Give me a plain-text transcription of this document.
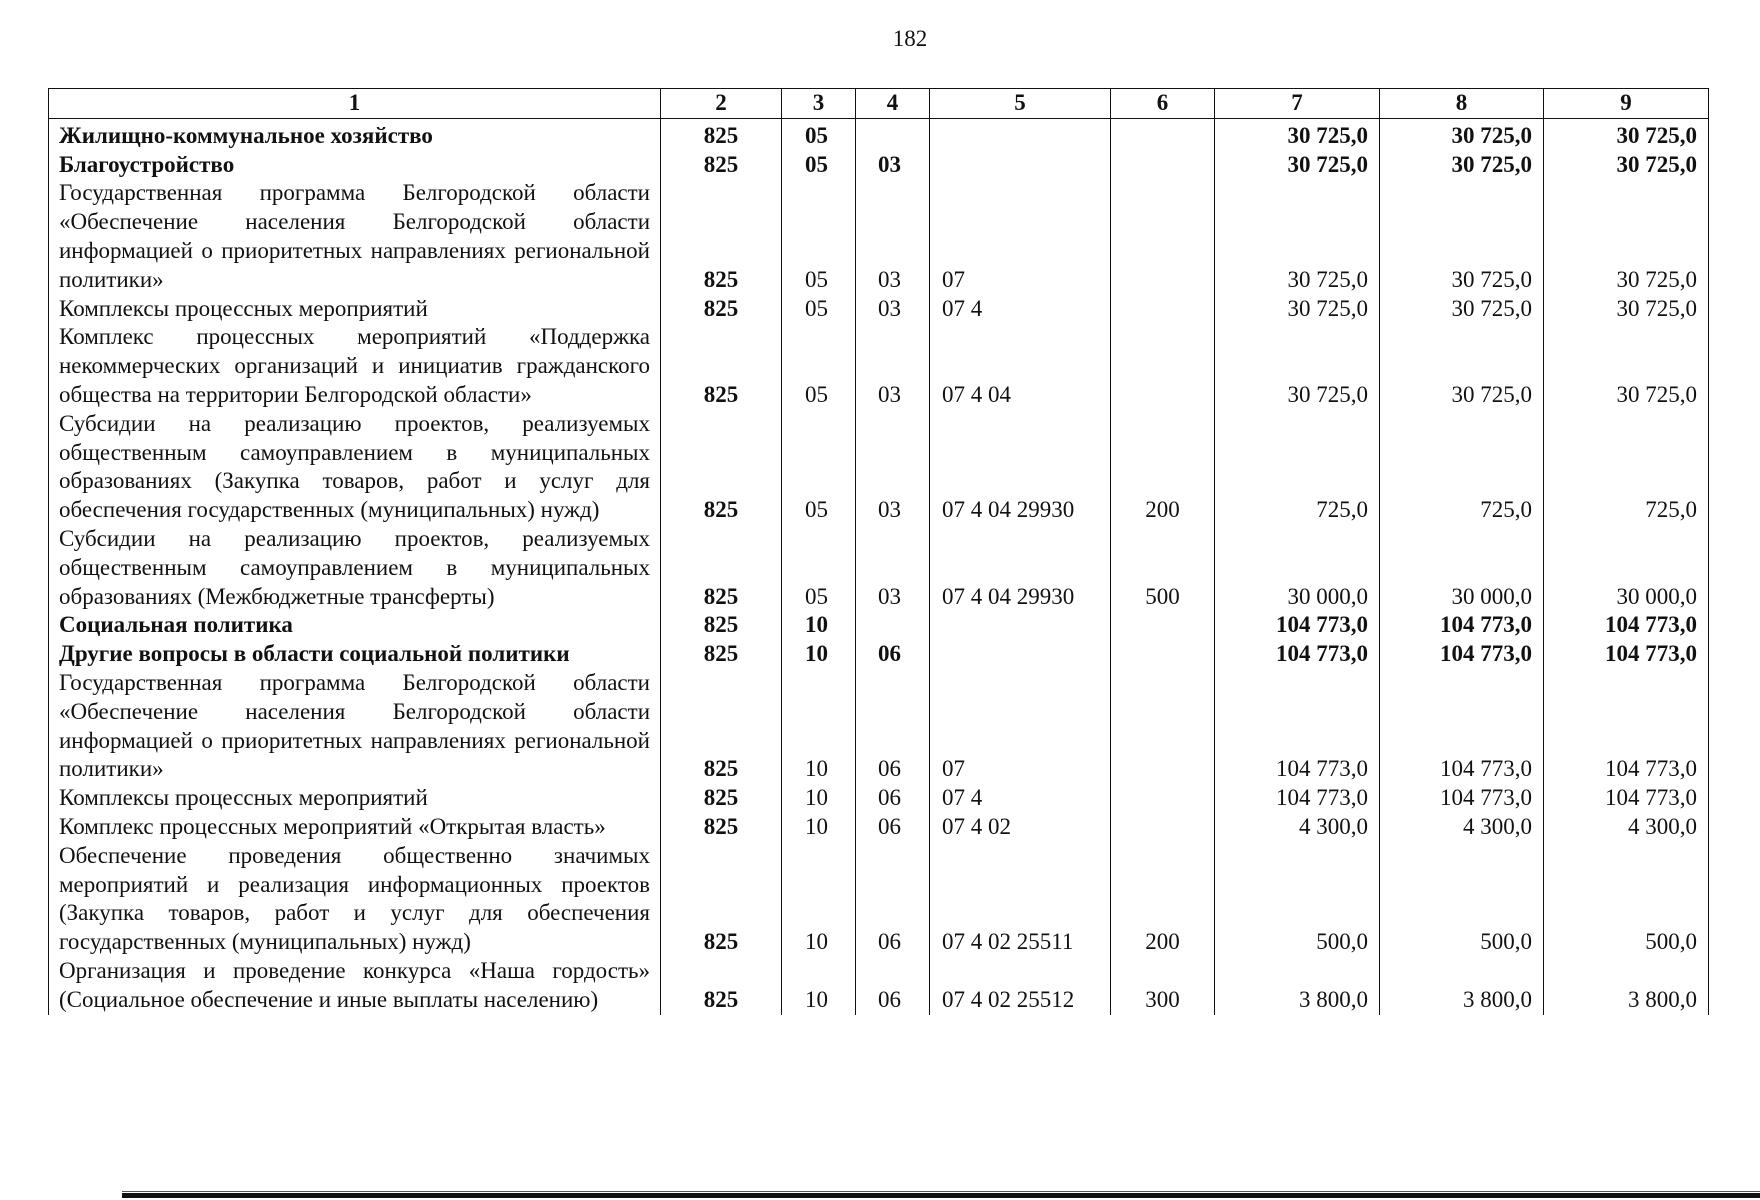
182
1	2	3	4	5	6	7	8	9
Жилищно-коммунальное хозяйство	825	05				30 725,0	30 725,0	30 725,0
Благоустройство	825	05	03			30 725,0	30 725,0	30 725,0
Государственная программа Белгородской области «Обеспечение населения Белгородской области информацией о приоритетных направлениях региональной политики»	825	05	03	07		30 725,0	30 725,0	30 725,0
Комплексы процессных мероприятий	825	05	03	07 4		30 725,0	30 725,0	30 725,0
Комплекс процессных мероприятий «Поддержка некоммерческих организаций и инициатив гражданского общества на территории Белгородской области»	825	05	03	07 4 04		30 725,0	30 725,0	30 725,0
Субсидии на реализацию проектов, реализуемых общественным самоуправлением в муниципальных образованиях (Закупка товаров, работ и услуг для обеспечения государственных (муниципальных) нужд)	825	05	03	07 4 04 29930	200	725,0	725,0	725,0
Субсидии на реализацию проектов, реализуемых общественным самоуправлением в муниципальных образованиях (Межбюджетные трансферты)	825	05	03	07 4 04 29930	500	30 000,0	30 000,0	30 000,0
Социальная политика	825	10				104 773,0	104 773,0	104 773,0
Другие вопросы в области социальной политики	825	10	06			104 773,0	104 773,0	104 773,0
Государственная программа Белгородской области «Обеспечение населения Белгородской области информацией о приоритетных направлениях региональной политики»	825	10	06	07		104 773,0	104 773,0	104 773,0
Комплексы процессных мероприятий	825	10	06	07 4		104 773,0	104 773,0	104 773,0
Комплекс процессных мероприятий «Открытая власть»	825	10	06	07 4 02		4 300,0	4 300,0	4 300,0
Обеспечение проведения общественно значимых мероприятий и реализация информационных проектов (Закупка товаров, работ и услуг для обеспечения государственных (муниципальных) нужд)	825	10	06	07 4 02 25511	200	500,0	500,0	500,0
Организация и проведение конкурса «Наша гордость» (Социальное обеспечение и иные выплаты населению)	825	10	06	07 4 02 25512	300	3 800,0	3 800,0	3 800,0
